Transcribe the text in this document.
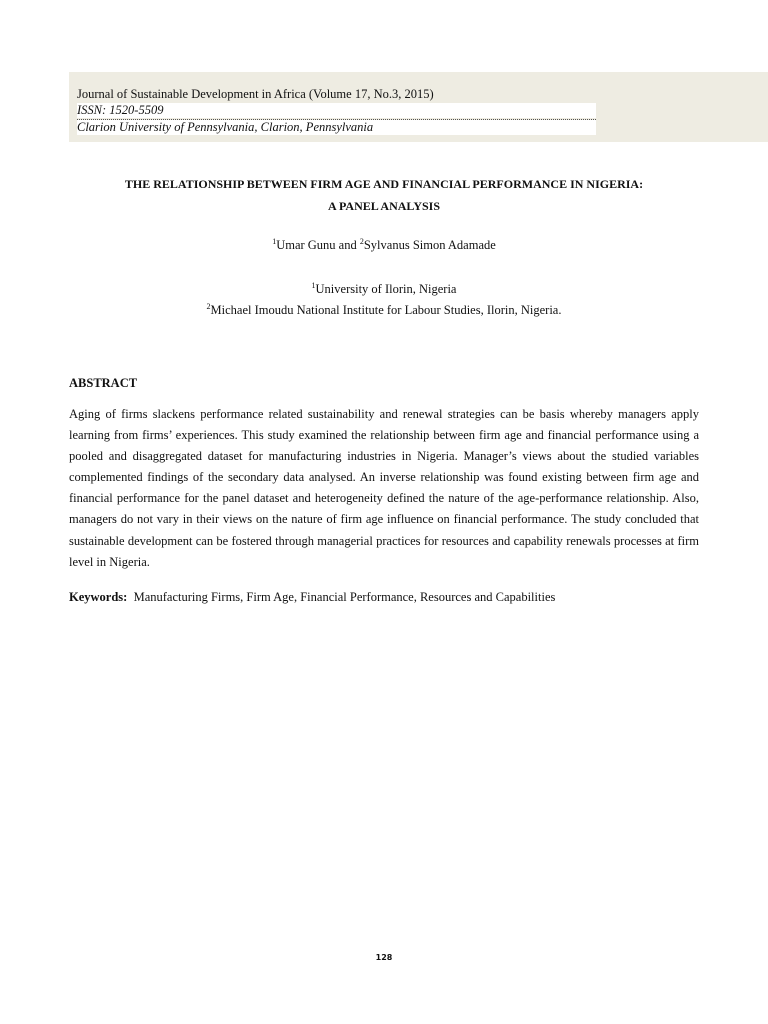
Journal of Sustainable Development in Africa (Volume 17, No.3, 2015)
ISSN: 1520-5509
Clarion University of Pennsylvania, Clarion, Pennsylvania
THE RELATIONSHIP BETWEEN FIRM AGE AND FINANCIAL PERFORMANCE IN NIGERIA:
A PANEL ANALYSIS
$^1$Umar Gunu and $^2$Sylvanus Simon Adamade
$^1$University of Ilorin, Nigeria
$^2$Michael Imoudu National Institute for Labour Studies, Ilorin, Nigeria.
ABSTRACT
Aging of firms slackens performance related sustainability and renewal strategies can be basis whereby managers apply learning from firms’ experiences. This study examined the relationship between firm age and financial performance using a pooled and disaggregated dataset for manufacturing industries in Nigeria. Manager’s views about the studied variables complemented findings of the secondary data analysed. An inverse relationship was found existing between firm age and financial performance for the panel dataset and heterogeneity defined the nature of the age-performance relationship. Also, managers do not vary in their views on the nature of firm age influence on financial performance. The study concluded that sustainable development can be fostered through managerial practices for resources and capability renewals processes at firm level in Nigeria.
Keywords:  Manufacturing Firms, Firm Age, Financial Performance, Resources and Capabilities
128
